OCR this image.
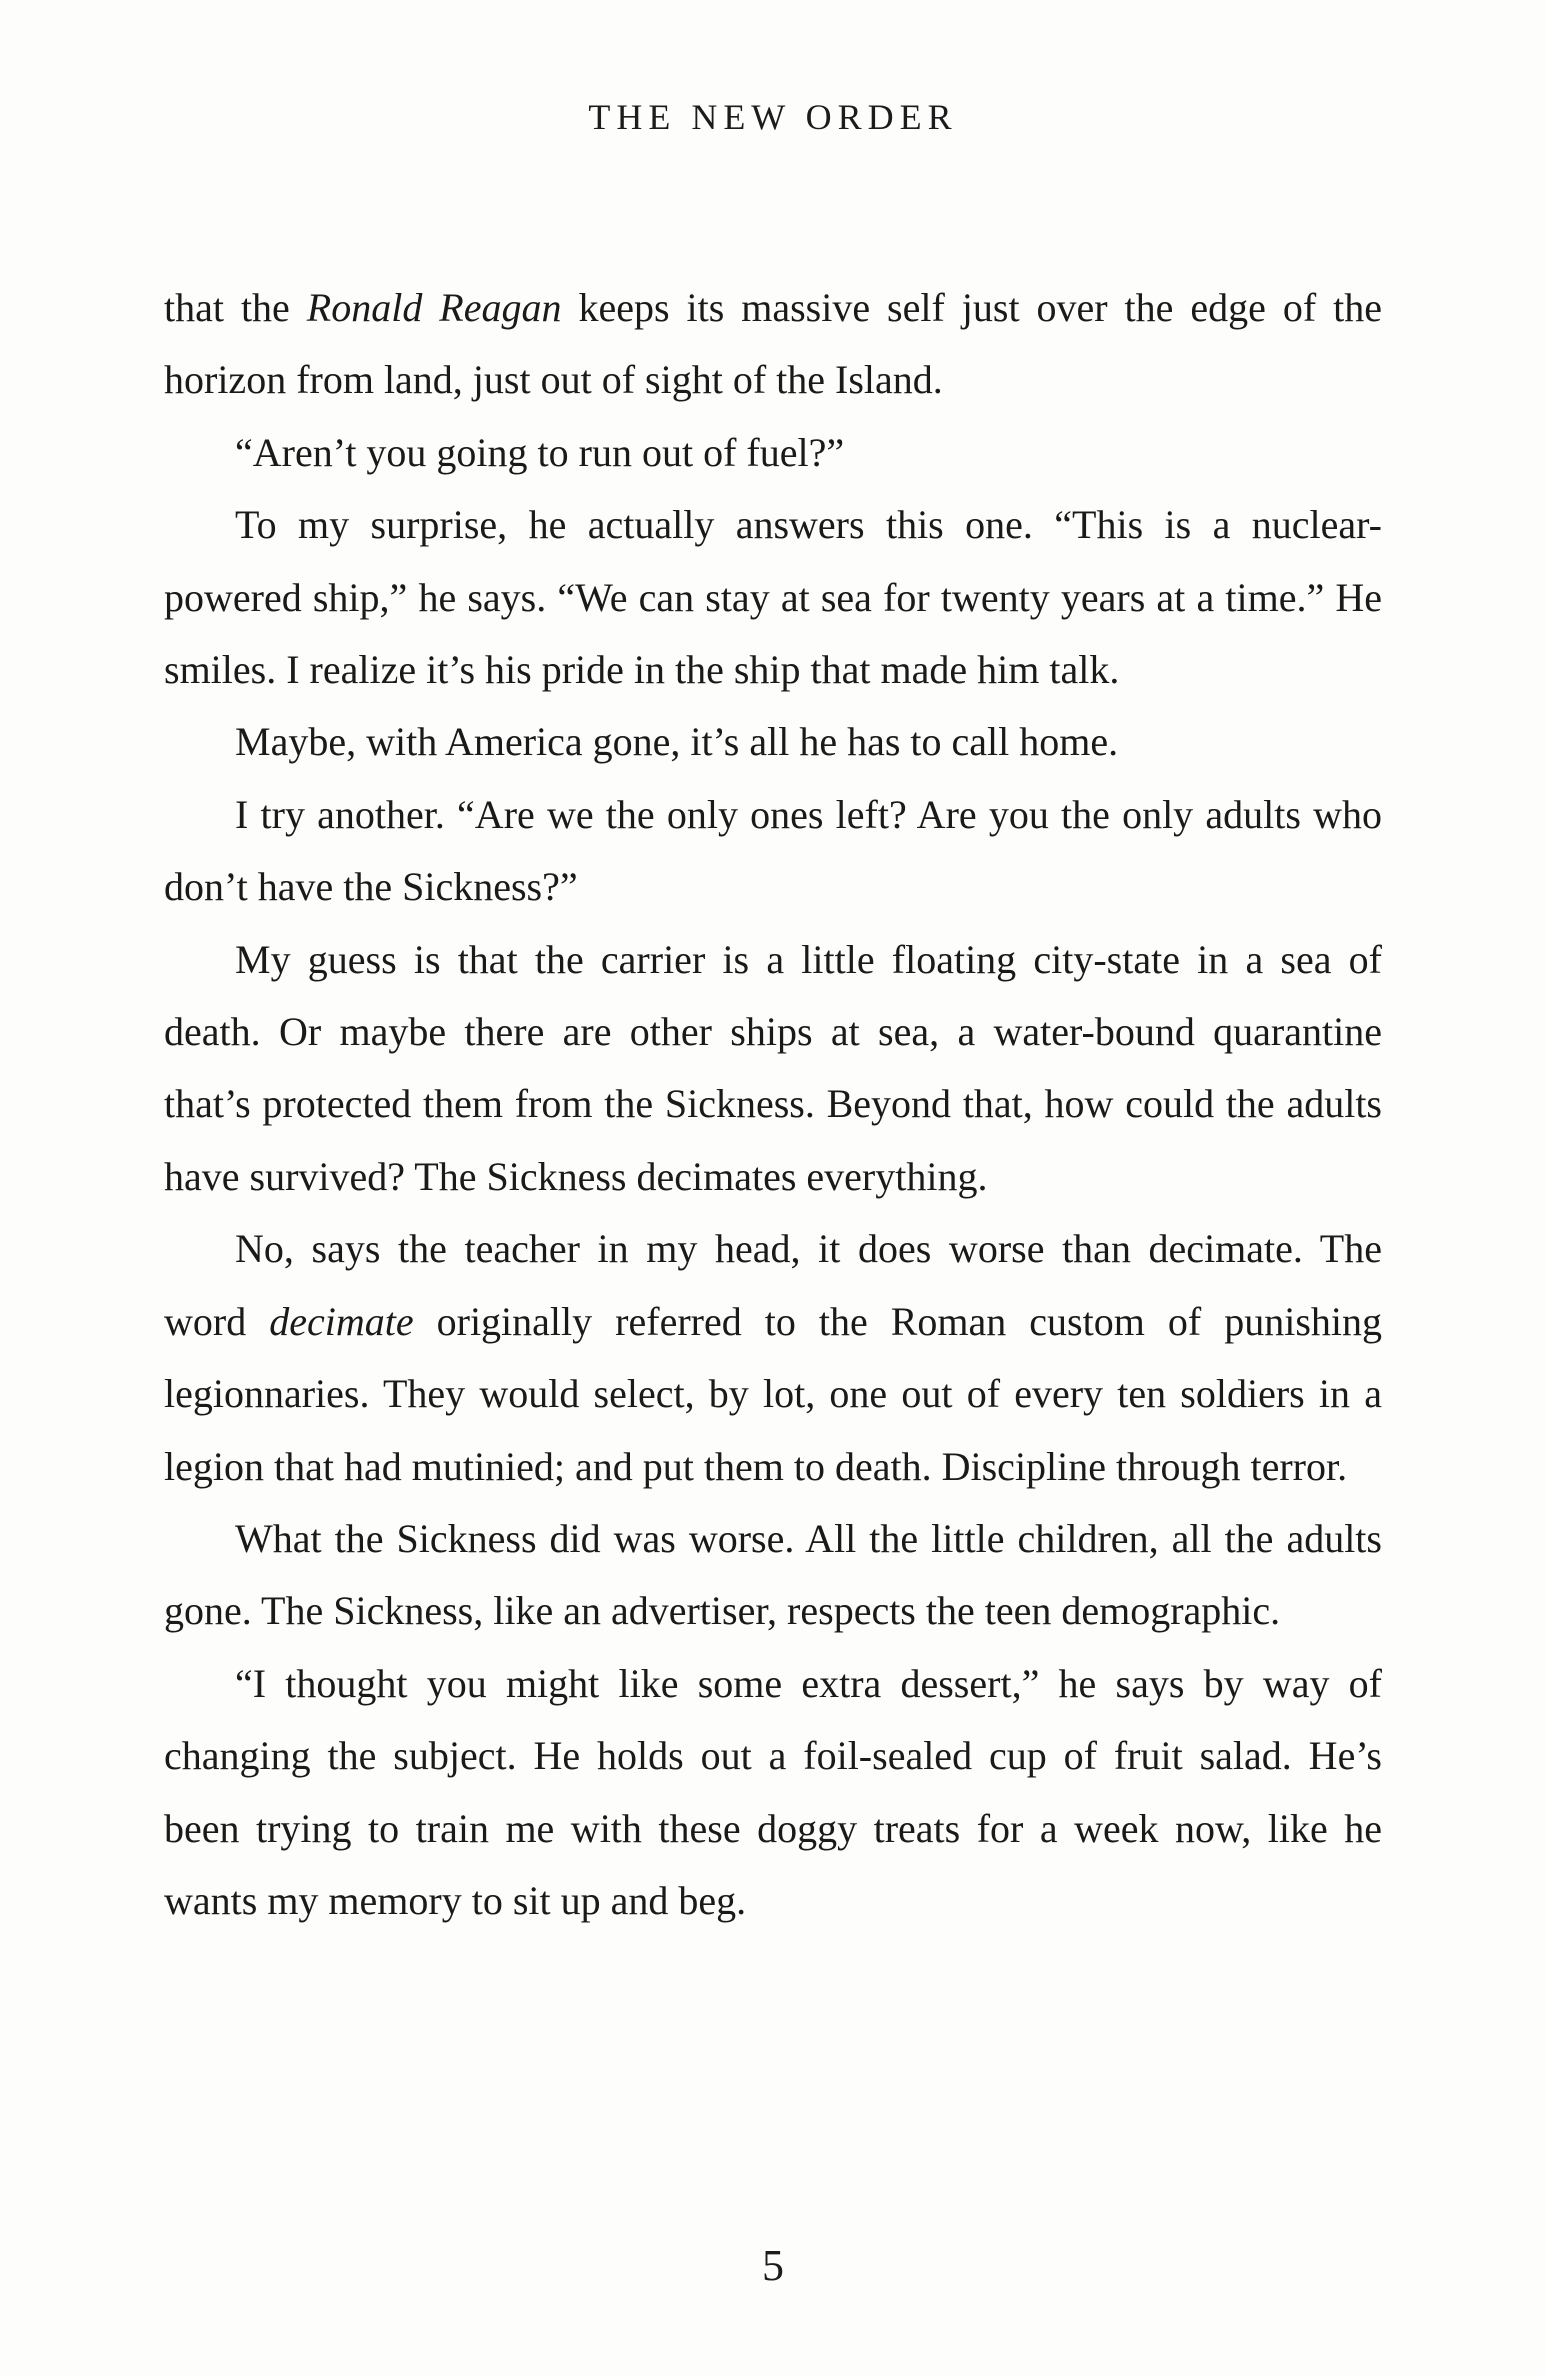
THE NEW ORDER

that the Ronald Reagan keeps its massive self just over the edge of the horizon from land, just out of sight of the Island.

“Aren’t you going to run out of fuel?”

To my surprise, he actually answers this one. “This is a nuclear-powered ship,” he says. “We can stay at sea for twenty years at a time.” He smiles. I realize it’s his pride in the ship that made him talk.

Maybe, with America gone, it’s all he has to call home.

I try another. “Are we the only ones left? Are you the only adults who don’t have the Sickness?”

My guess is that the carrier is a little floating city-state in a sea of death. Or maybe there are other ships at sea, a water-bound quarantine that’s protected them from the Sickness. Beyond that, how could the adults have survived? The Sickness decimates everything.

No, says the teacher in my head, it does worse than decimate. The word decimate originally referred to the Roman custom of punishing legionnaries. They would select, by lot, one out of every ten soldiers in a legion that had mutinied; and put them to death. Discipline through terror.

What the Sickness did was worse. All the little children, all the adults gone. The Sickness, like an advertiser, respects the teen demographic.

“I thought you might like some extra dessert,” he says by way of changing the subject. He holds out a foil-sealed cup of fruit salad. He’s been trying to train me with these doggy treats for a week now, like he wants my memory to sit up and beg.

5
